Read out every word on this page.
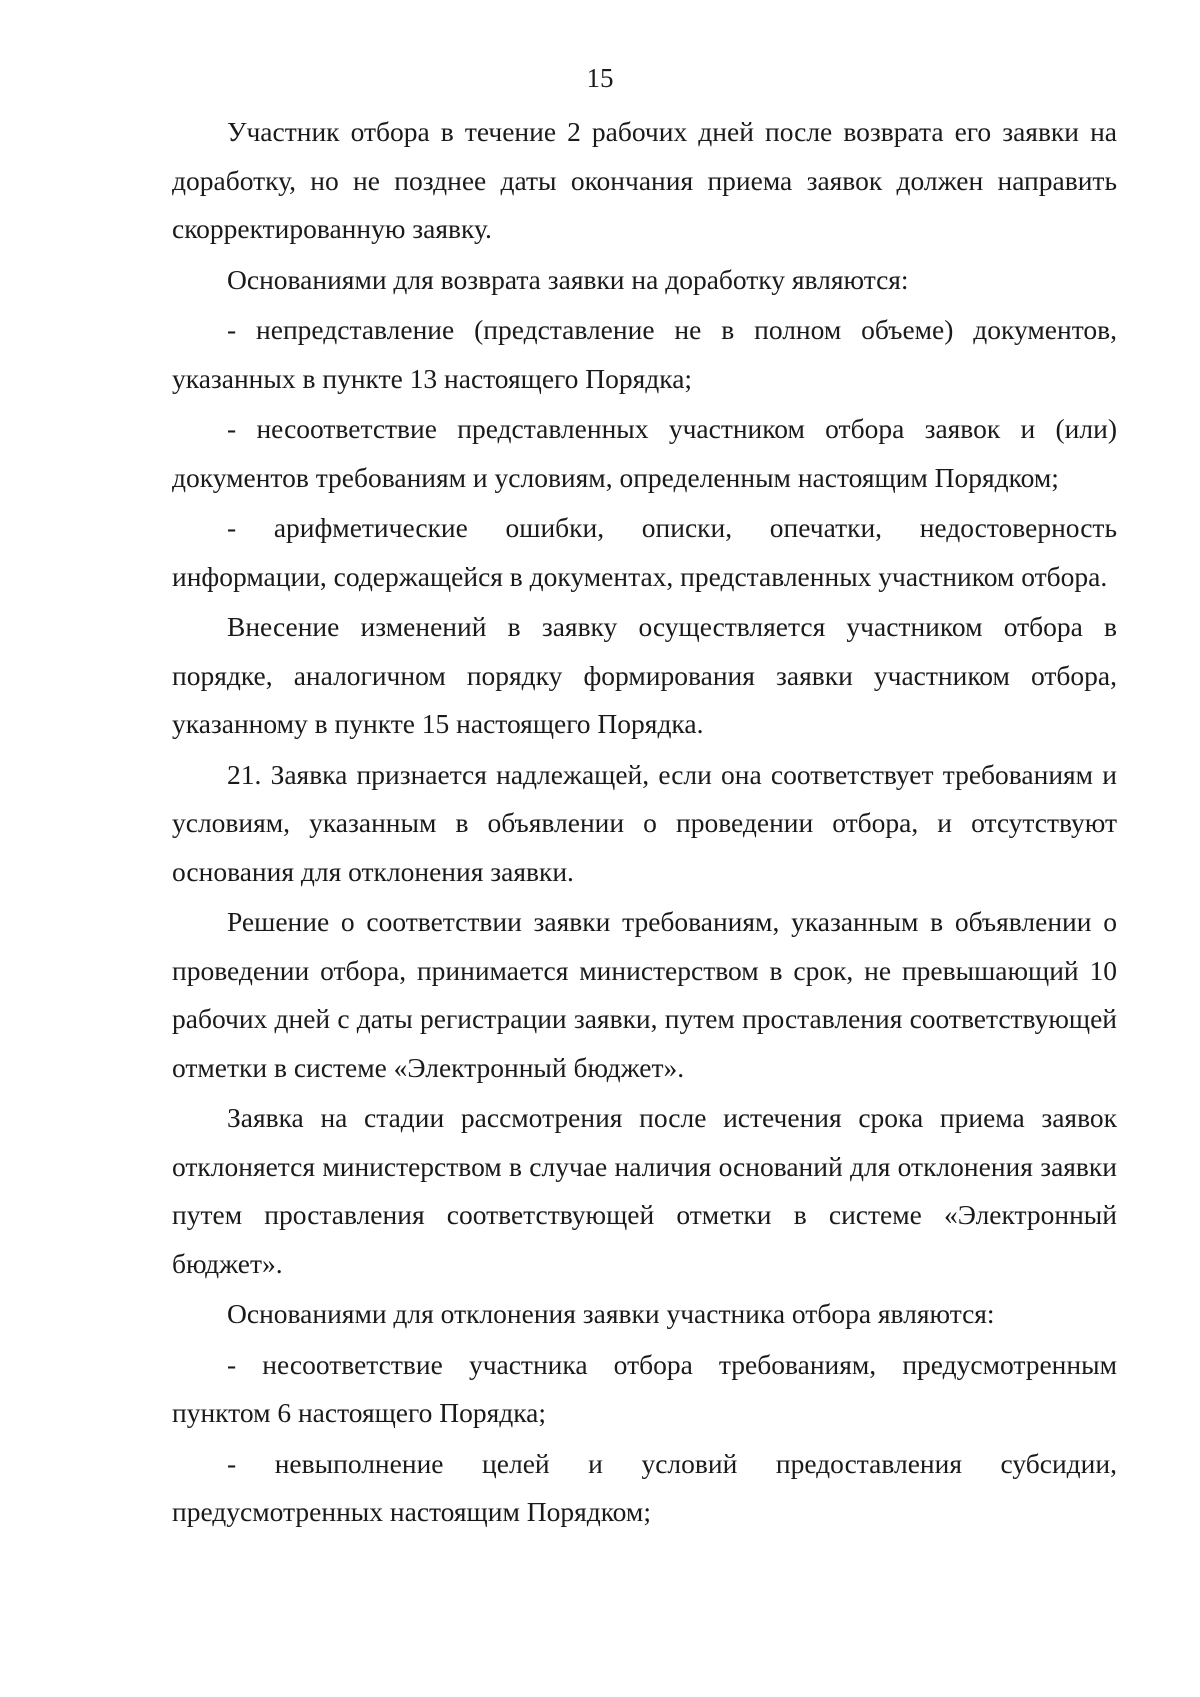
15

Участник отбора в течение 2 рабочих дней после возврата его заявки на доработку, но не позднее даты окончания приема заявок должен направить скорректированную заявку.

Основаниями для возврата заявки на доработку являются:

- непредставление (представление не в полном объеме) документов, указанных в пункте 13 настоящего Порядка;

- несоответствие представленных участником отбора заявок и (или) документов требованиям и условиям, определенным настоящим Порядком;

- арифметические ошибки, описки, опечатки, недостоверность информации, содержащейся в документах, представленных участником отбора.

Внесение изменений в заявку осуществляется участником отбора в порядке, аналогичном порядку формирования заявки участником отбора, указанному в пункте 15 настоящего Порядка.

21. Заявка признается надлежащей, если она соответствует требованиям и условиям, указанным в объявлении о проведении отбора, и отсутствуют основания для отклонения заявки.

Решение о соответствии заявки требованиям, указанным в объявлении о проведении отбора, принимается министерством в срок, не превышающий 10 рабочих дней с даты регистрации заявки, путем проставления соответствующей отметки в системе «Электронный бюджет».

Заявка на стадии рассмотрения после истечения срока приема заявок отклоняется министерством в случае наличия оснований для отклонения заявки путем проставления соответствующей отметки в системе «Электронный бюджет».

Основаниями для отклонения заявки участника отбора являются:

- несоответствие участника отбора требованиям, предусмотренным пунктом 6 настоящего Порядка;

- невыполнение целей и условий предоставления субсидии, предусмотренных настоящим Порядком;
